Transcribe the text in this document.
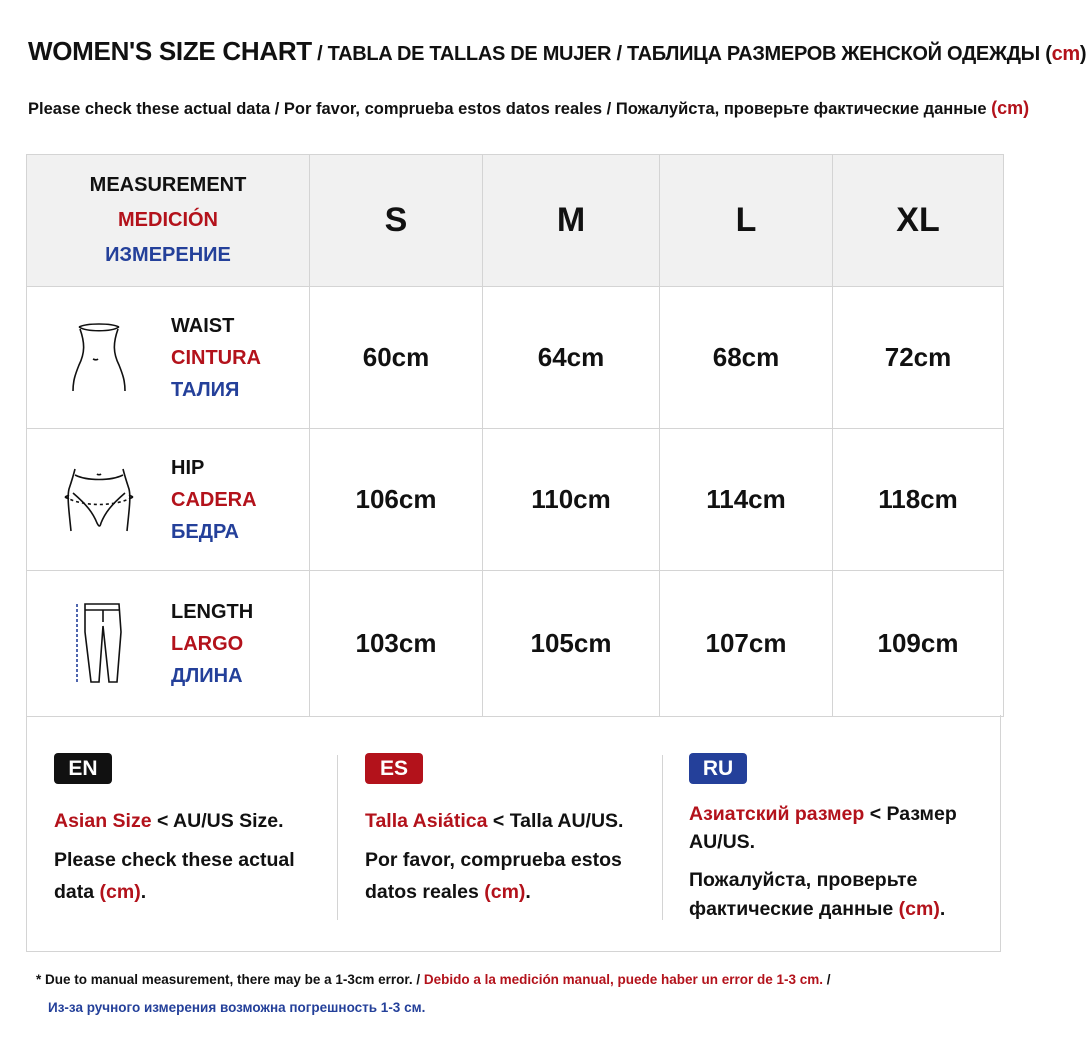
WOMEN'S SIZE CHART / TABLA DE TALLAS DE MUJER / ТАБЛИЦА РАЗМЕРОВ ЖЕНСКОЙ ОДЕЖДЫ (cm)
Please check these actual data / Por favor, comprueba estos datos reales / Пожалуйста, проверьте фактические данные (cm)
MEASUREMENT
MEDICIÓN
ИЗМЕРЕНИЕ	S	M	L	XL

WAIST
CINTURA
ТАЛИЯ	60cm	64cm	68cm	72cm

HIP
CADERA
БЕДРА	106cm	110cm	114cm	118cm

LENGTH
LARGO
ДЛИНА	103cm	105cm	107cm	109cm
EN

Asian Size < AU/US Size.

Please check these actual data (cm).

ES

Talla Asiática < Talla AU/US.

Por favor, comprueba estos datos reales (cm).

RU

Азиатский размер < Размер AU/US.

Пожалуйста, проверьте фактические данные (cm).

* Due to manual measurement, there may be a 1-3cm error. / Debido a la medición manual, puede haber un error de 1-3 cm. /
Из-за ручного измерения возможна погрешность 1-3 см.
